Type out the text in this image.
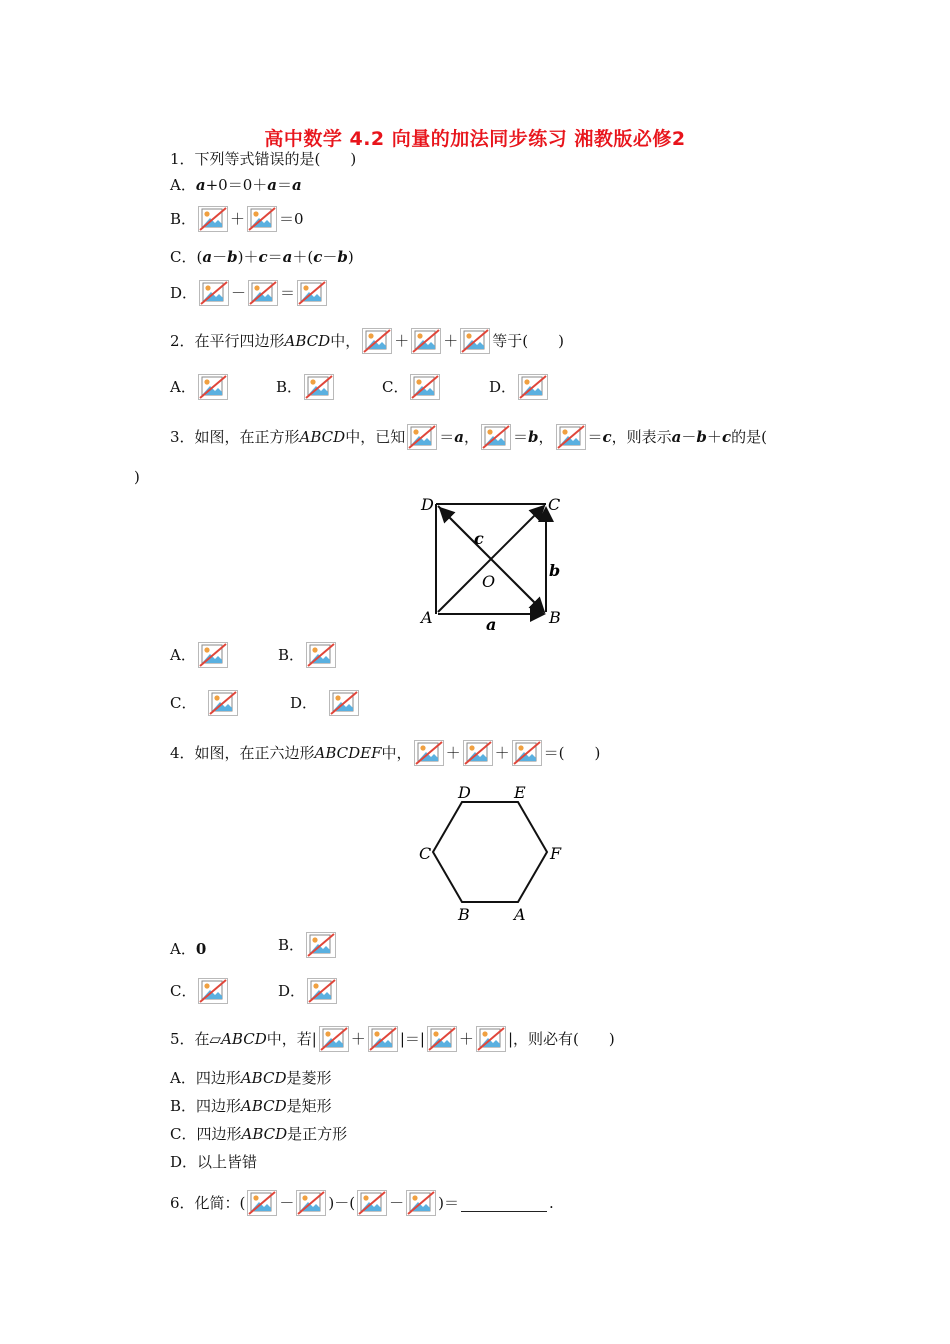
高中数学 4.2 向量的加法同步练习 湘教版必修2
1．下列等式错误的是(　　)
A． a +0＝0＋ a ＝ a
B． ＋ ＝0
C． ( a － b )＋ c ＝ a ＋( c － b )
D． － ＝
2．在平行四边形 ABCD 中， ＋ ＋ 等于(　　)
A．	B．	C．	D．
3．如图，在正方形 ABCD 中，已知 ＝ a ， ＝ b ， ＝ c ，则表示 a － b ＋ c 的是(
)
D	C
A	B
O
c
b
a
A．	B．
C．	D．
4．如图，在正六边形 ABCDEF 中， ＋ ＋ ＝(　　)
D	E
C	F
B	A
A． 0	B．
C．	D．
5．在▱ ABCD 中，若| ＋ |＝| ＋ |，则必有(　　)
A．四边形 ABCD 是菱形
B．四边形 ABCD 是矩形
C．四边形 ABCD 是正方形
D．以上皆错
6．化简：( － )－( － )＝	.
